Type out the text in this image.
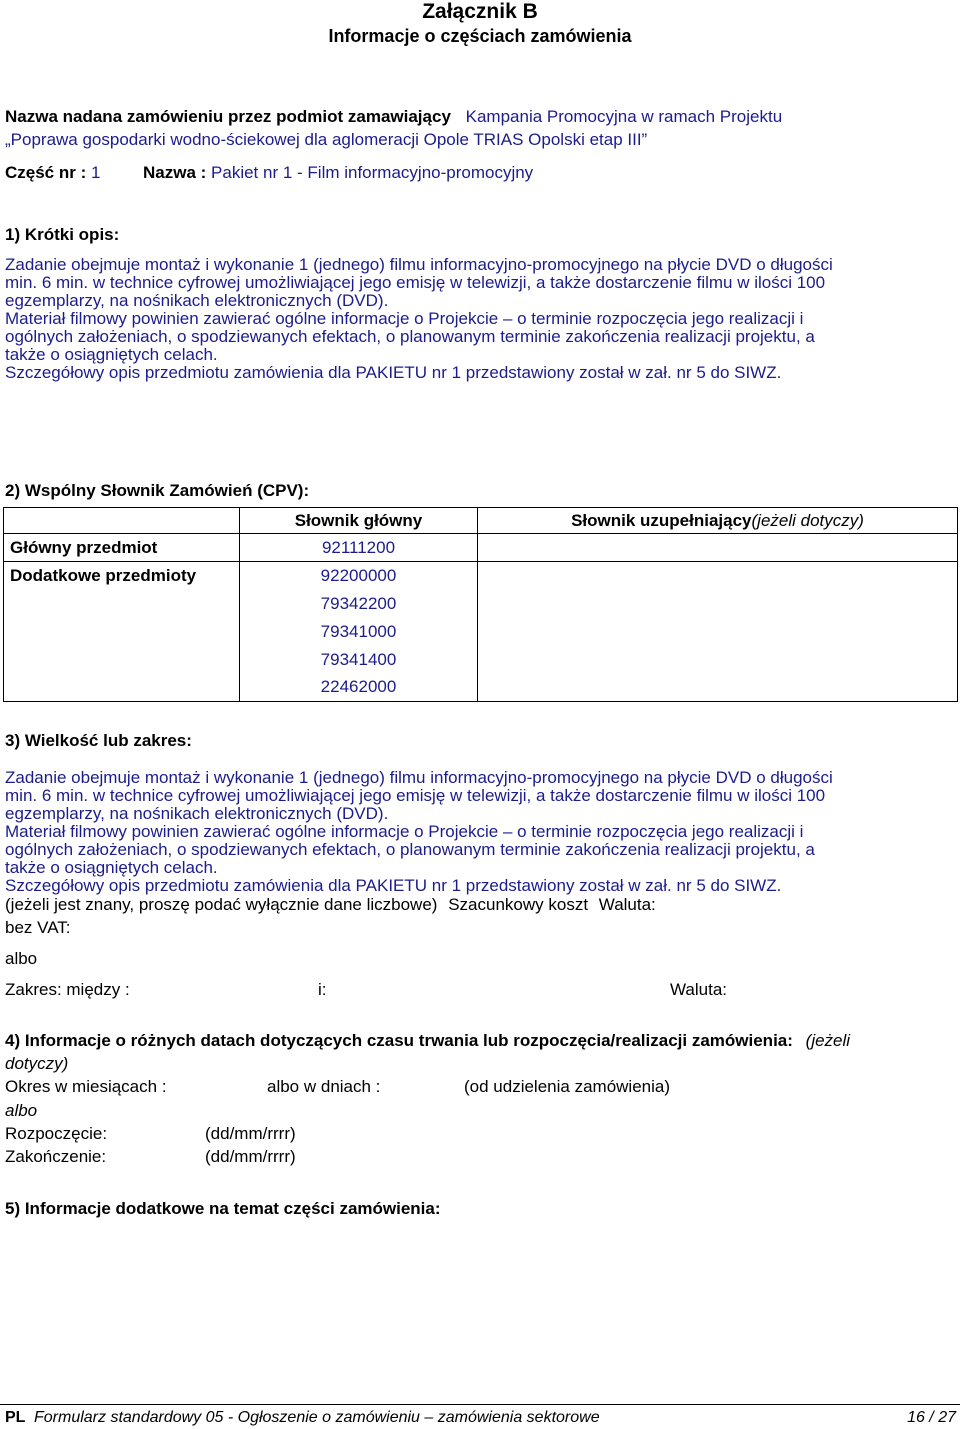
Załącznik B
Informacje o częściach zamówienia
Nazwa nadana zamówieniu przez podmiot zamawiający Kampania Promocyjna w ramach Projektu
„Poprawa gospodarki wodno-ściekowej dla aglomeracji Opole TRIAS Opolski etap III”
Część nr : 1	Nazwa : Pakiet nr 1 - Film informacyjno-promocyjny
1) Krótki opis:
Zadanie obejmuje montaż i wykonanie 1 (jednego) filmu informacyjno-promocyjnego na płycie DVD o długości
min. 6 min. w technice cyfrowej umożliwiającej jego emisję w telewizji, a także dostarczenie filmu w ilości 100
egzemplarzy, na nośnikach elektronicznych (DVD).
Materiał filmowy powinien zawierać ogólne informacje o Projekcie – o terminie rozpoczęcia jego realizacji i
ogólnych założeniach, o spodziewanych efektach, o planowanym terminie zakończenia realizacji projektu, a
także o osiągniętych celach.
Szczegółowy opis przedmiotu zamówienia dla PAKIETU nr 1 przedstawiony został w zał. nr 5 do SIWZ.
2) Wspólny Słownik Zamówień (CPV):
	Słownik główny	Słownik uzupełniający(jeżeli dotyczy)
Główny przedmiot	92111200	
Dodatkowe przedmioty	92200000	
	79342200	
	79341000	
	79341400	
	22462000	
3) Wielkość lub zakres:
Zadanie obejmuje montaż i wykonanie 1 (jednego) filmu informacyjno-promocyjnego na płycie DVD o długości
min. 6 min. w technice cyfrowej umożliwiającej jego emisję w telewizji, a także dostarczenie filmu w ilości 100
egzemplarzy, na nośnikach elektronicznych (DVD).
Materiał filmowy powinien zawierać ogólne informacje o Projekcie – o terminie rozpoczęcia jego realizacji i
ogólnych założeniach, o spodziewanych efektach, o planowanym terminie zakończenia realizacji projektu, a
także o osiągniętych celach.
Szczegółowy opis przedmiotu zamówienia dla PAKIETU nr 1 przedstawiony został w zał. nr 5 do SIWZ.
(jeżeli jest znany, proszę podać wyłącznie dane liczbowe) Szacunkowy koszt Waluta:
bez VAT:
albo
Zakres: między :	i:	Waluta:
4) Informacje o różnych datach dotyczących czasu trwania lub rozpoczęcia/realizacji zamówienia: (jeżeli
dotyczy)
Okres w miesiącach :	albo w dniach :	(od udzielenia zamówienia)
albo
Rozpoczęcie:	(dd/mm/rrrr)
Zakończenie:	(dd/mm/rrrr)
5) Informacje dodatkowe na temat części zamówienia:
PL Formularz standardowy 05 - Ogłoszenie o zamówieniu – zamówienia sektorowe	16 / 27
